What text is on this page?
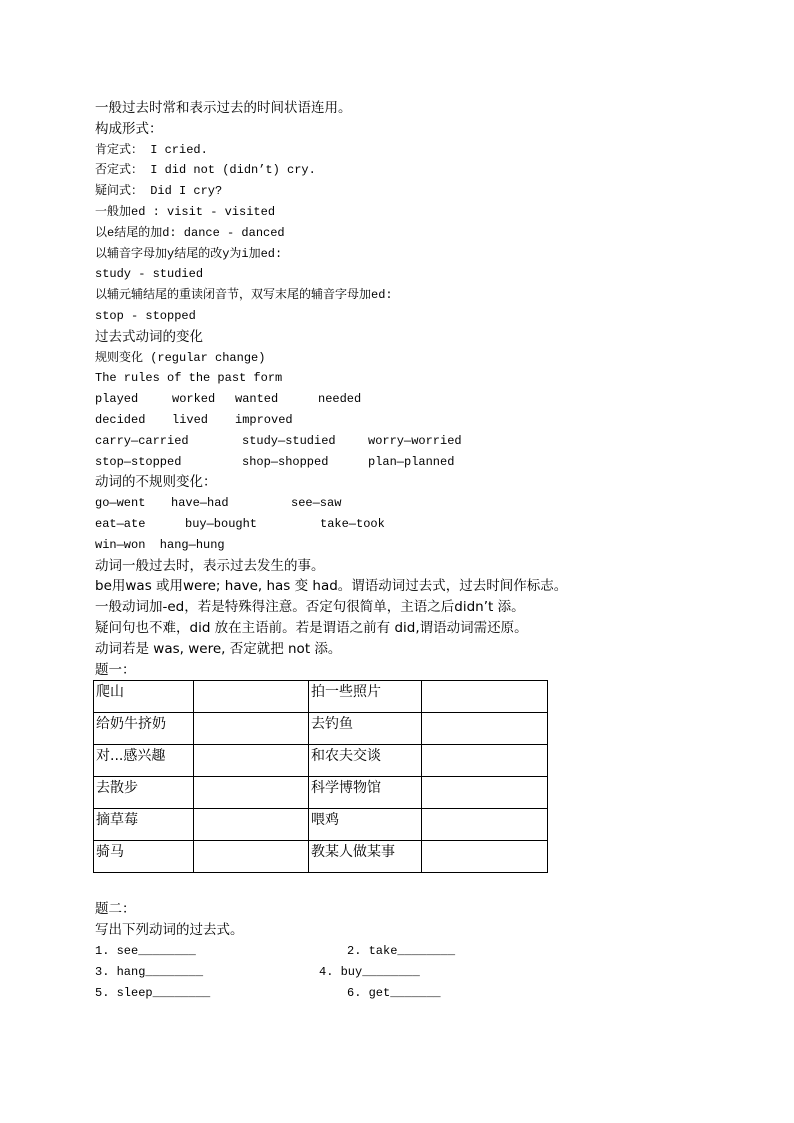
一般过去时常和表示过去的时间状语连用。
构成形式：
肯定式： I cried.
否定式： I did not (didn’t) cry.
疑问式： Did I cry?
一般加ed : visit - visited
以e结尾的加d: dance - danced
以辅音字母加y结尾的改y为i加ed:
study - studied
以辅元辅结尾的重读闭音节，双写末尾的辅音字母加ed:
stop - stopped
过去式动词的变化
规则变化 (regular change)
The rules of the past form
played	worked wanted	needed
decided lived improved
carry—carried	study—studied	worry—worried
stop—stopped	shop—shopped	plan—planned
动词的不规则变化：
go—went have—had	see—saw
eat—ate	buy—bought	take—took
win—won  hang—hung
动词一般过去时，表示过去发生的事。
be用was 或用were; have, has 变 had。谓语动词过去式，过去时间作标志。
一般动词加-ed，若是特殊得注意。否定句很简单，主语之后didn’t 添。
疑问句也不难，did 放在主语前。若是谓语之前有 did,谓语动词需还原。
动词若是 was, were, 否定就把 not 添。
题一：
爬山		拍一些照片	
给奶牛挤奶		去钓鱼	
对...感兴趣		和农夫交谈	
去散步		科学博物馆	
摘草莓		喂鸡	
骑马		教某人做某事	
题二：
写出下列动词的过去式。
1. see________	2. take________
3. hang________	4. buy________
5. sleep________	6. get_______
